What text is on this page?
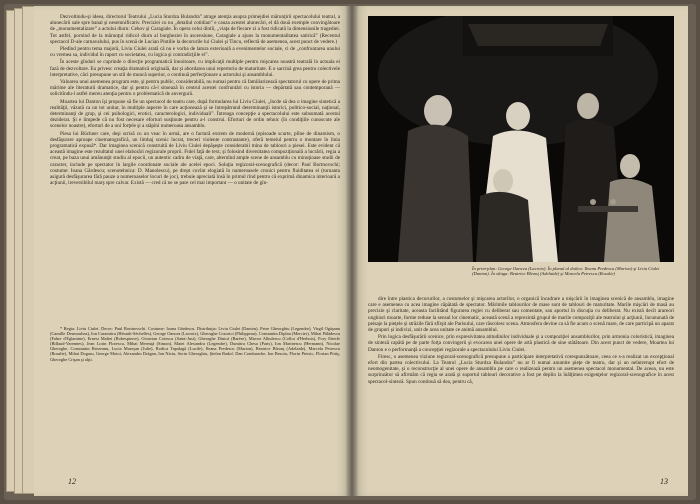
Dezvoltindu-şi ideea, directorul Teatrului „Lucia Sturdza Bulandra” atrage atenţia asupra primejdiei mărunţirii spectacolului teatral, a alunecării sale spre banal şi nesemnificativ. Preciziei cu nu „detaliul cotidian” e cauza acestei alunecări, el dă două exemple convingătoare de „monumentalizare” a actului diurn: Cehov şi Caragiale. În opera celui dintîi, „viaţa de fiecare zi a fost ridicată la dimensiunile tragediei. Tot astfel, pornind de la mărunţul ridicol diurn al burgheziei în ascensiune, Caragiale a ajuns la monumentalitatea satirică” (Recentul spectacol D-ale carnavalului, pus în scenă de Lucian Pintilie la decorurile lui Ciulei şi Tincu, reflectă de asemenea, acest punct de vedere.)

Pledînd pentru tema majoră, Liviu Ciulei arată că nu e vorba de latura exterioară a evenimentelor sociale, ci de „confruntarea unului cu vremea sa, individul în raport cu societatea, cu logica şi contradicţiile ei”.

În aceste gînduri se cuprinde o direcţie programatică înnoitoare, cu implicaţii multiple pentru mişcarea noastră teatrală în actuala ei fază de dezvoltare. Eu privesc creaţia dramatică originală, dar şi abordarea unui repertoriu de maturitate. E o sarcină grea pentru colectivele interpretative, căci presupune un stil de muncă superior, o continuă perfecţionare a actorului şi ansamblului.

Valoarea unui asemenea program este, şi pentru public, considerabilă, nu numai pentru că familiarizează spectatorul cu opere de prima mărime ale literaturii dramatice, dar şi pentru că-l situează în centrul acestei confruntări cu istoria — depărtată sau contemporană — solicitîndu-l astfel mereu atenţia pentru o problematică de anvergură.

Moartea lui Danton îşi propune să fie un spectacol de teatru care, după formularea lui Liviu Ciulei, „încde să dea o imagine sintetică a realităţii, văzută ca un tot unitar, în multiple aspecte în care acţionează şi se întrepătrund determinanţii istorici, politico-social, naţional, determinanţi de grup, şi cei psihologici, erotici, caracterologici, individuali”. Întreaga concepţie a spectacolului este subsumată acestui deziderat. Şi e limpede că nu fost necesare eforturi susţinute pentru a-l construi. Eforturi de ordin tehnic (în condiţiile cunoscute ale scenelor noastre), eforturi de a uni forţele şi a stăpîni numeroasa ansamblu.

Piesa lui Büchner care, deşi scrisă cu un veac în urmă, are o factură extrem de modernă (episoade scurte, plîne de dinamism, o desfăşurare aproape cinematografică, un limbaj scenic lucrat, treceri violente contrastante), oferă temeiul pentru o montare în linia programatică expusă*. Dar imaginea scenică construită de Liviu Ciulei depăşeşte considerabil mina de tablouri a piesei. Este evident că această imagine este rezultatul unei elaborări regizorale proprii. Fidel faţă de text, şi folosind diversitatea compoziţională a lucrării, regia a creat, pe baza unui amănunţit studiu al epocii, un autentic cadru de viaţă, care, alternînd ample scene de ansamblu cu minuţioase studii de caracter, include pe spectator în largile coordonate sociale ale acelei epoci. Soluţia regizoral-scenografică (decor: Paul Bortnovschi; costume: Ioana Gărdescu; scenotehnica: D. Manolescu), pe drept cuvînt elogiată în numeroasele cronici pentru fluiditatea ei (turnanta asigură desfăşurarea fără pauze a numeroaselor locuri de joc), trebuie apreciată însă în primul rînd pentru că exprimă dinamica interioară a acţiunii, ireversibilul marş spre calvar. Există — cred că ne se pare cel mai important — o unitate de gîn-

* Regia: Liviu Ciulei. Decor: Paul Bortnovschi. Costume: Ioana Gărdescu. Distribuţia: Liviu Ciulei (Danton), Petre Gheorghiu (Legendre), Virgil Ogăşanu (Camille Desmoulins), Ion Caramitru (Hérault-Séchelles), George Oancea (Lacroix), Gheorghe Cozorici (Philippeau), Constantin Diplan (Mercier), Mihai Pălădescu (Fabre d'Eglantine), Ernest Maftei (Robespierre), Octavian Cotescu (Saint-Just), Gheorghe Dinică (Barère), Mircea Albulescu (Collot d'Herbois), Fory Etterle (Billaud-Varennes), Jean Lorin Florescu, Mihai Mereuţă (Simon), Matei Alexandru (Legendre), Dumitru Chesa (Paris), Ion Marinescu (Hermann), Nicolae Gheorghe, Constantin Brezeanu, Lucia Mureşan (Julie), Rodica Tapalagă (Lucile), Ileana Predescu (Marion), Beatrice Bleonţ (Adelaide), Marcela Petrescu (Rosalie), Mihai Dogaru, George Motoi, Alexandru Drăgan, Ion Niciu, Sorin Gheorghiu, Ştefan Radof, Dan Condurache, Ion Besoiu, Florin Piersic, Florian Pittiş, Gheorghe Crişan şi alţii.
12
În prim-plan: George Oancea (Lacroix). În planul al doilea: Ileana Predescu (Marion) şi Liviu Ciulei (Danton). În stînga: Beatrice Bleonţ (Adelaide) şi Marcela Petrescu (Rosalie)

dire între plastica decorurilor, a costumelor şi mişcarea actorilor, o organică încadrare a mişcării în imaginea scenică de ansamblu, imagine care e asemenea cu acea imagine căpătată de spectator. Mărimile tablourilor de mase sunt de tablouri de maturitate. Marile mişcări de masă au precizie şi claritate, aceasta facilitând figurarea regiei cu deliberat sau comentate, sau aportul în discuţia cu deliberat. Nu există decît arareori unghiuri moarte, forme reduse la sensul lor cinematic, această scenă a reprezintă grupul de marile compoziţii ale teatrului şi acţiunii, încununată de peisaje la pieţele şi străzile fără sfîrşit ale Parisului, care răscolesc scena. Atmosfera devine ca să fie acum o scenă mare, de care participă un aparat de grupuri şi indivizi, unit de acea unitate ce animă ansamblul.

Prin logica desfăşurării scenice, prin expresivitatea atitudinilor individuale şi a compoziţiei ansamblurilor, prin armonia coloristică, imaginea de sinteză capătă pe de parte forţa convingerii şi evocarea unei opere de artă plastică de sine stătătoare. Din acest punct de vedere, Moartea lui Danton e o performanţă a concepţiei regizorale a spectacolului Liviu Ciulei.

Firesc, o asemenea viziune regizoral-scenografică presupune a participare interpretativă corespunzătoare, ceea ce s-a realizat un excepţional efort din partea colectivului. La Teatrul „Lucia Sturdza Bulandra” nu ar fi numai anumite pieţe de teatru, dar şi un neîntrerupt efort de neomogenitate, şi o reconstrucţie al unei opere de ansamblu pe care o realizează pentru un asemenea spectacol monumental. De aceea, nu este surprinzător să afirmăm că regia se arată şi suportul tablouri decorative a fost pe deplin la înălţimea exigenţelor regizoral-scenografice în acest spectacol-sinteză. Spun continuă să dea, pentru că,

13
